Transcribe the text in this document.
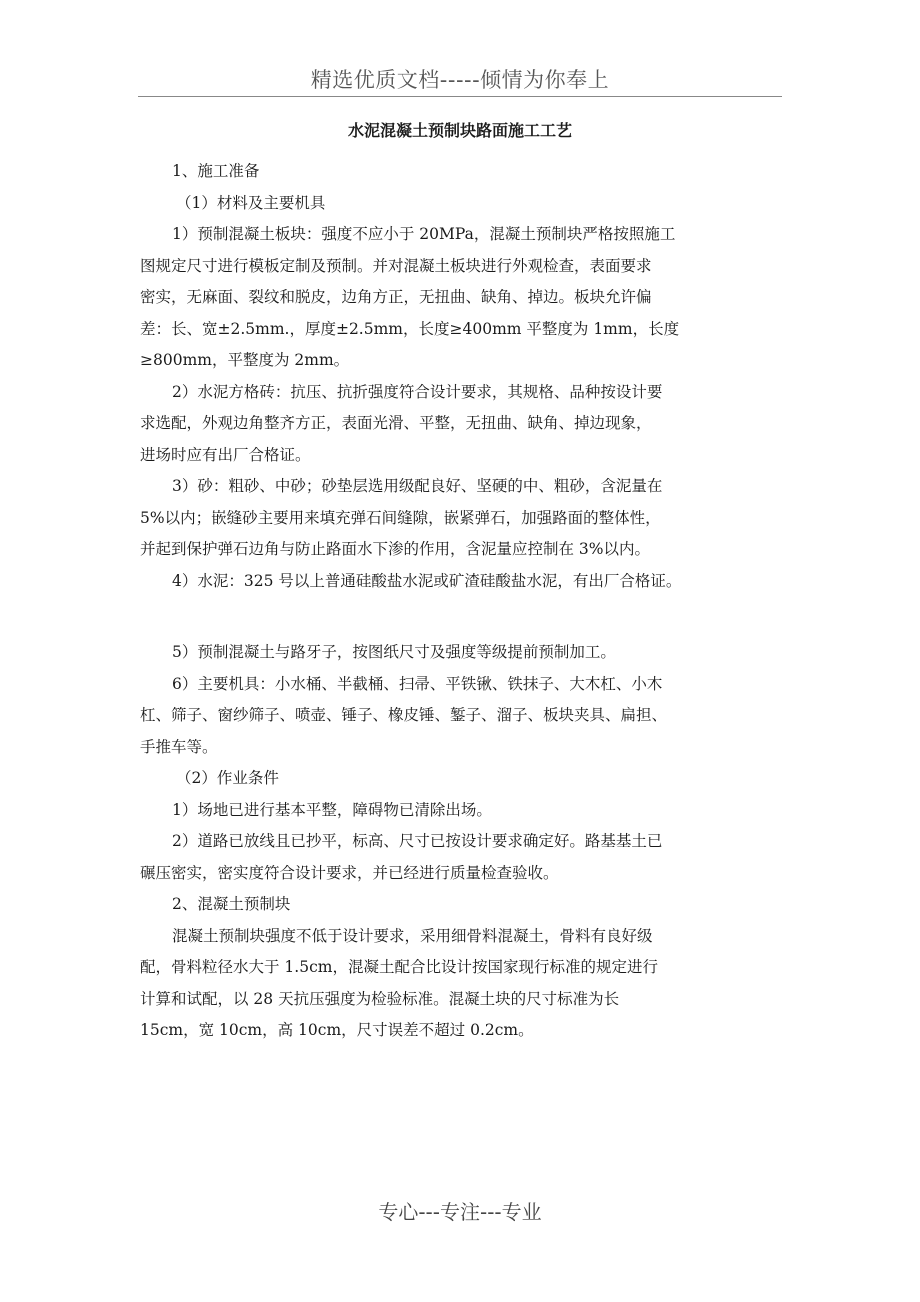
精选优质文档-----倾情为你奉上
水泥混凝土预制块路面施工工艺
1、施工准备
（1）材料及主要机具
1）预制混凝土板块：强度不应小于 20MPa，混凝土预制块严格按照施工
图规定尺寸进行模板定制及预制。并对混凝土板块进行外观检查，表面要求
密实，无麻面、裂纹和脱皮，边角方正，无扭曲、缺角、掉边。板块允许偏
差：长、宽±2.5mm.，厚度±2.5mm，长度≥400mm 平整度为 1mm，长度
≥800mm，平整度为 2mm。
2）水泥方格砖：抗压、抗折强度符合设计要求，其规格、品种按设计要
求选配，外观边角整齐方正，表面光滑、平整，无扭曲、缺角、掉边现象，
进场时应有出厂合格证。
3）砂：粗砂、中砂；砂垫层选用级配良好、坚硬的中、粗砂，含泥量在
5%以内；嵌缝砂主要用来填充弹石间缝隙，嵌紧弹石，加强路面的整体性，
并起到保护弹石边角与防止路面水下渗的作用，含泥量应控制在 3%以内。
4）水泥：325 号以上普通硅酸盐水泥或矿渣硅酸盐水泥，有出厂合格证。
5）预制混凝土与路牙子，按图纸尺寸及强度等级提前预制加工。
6）主要机具：小水桶、半截桶、扫帚、平铁锹、铁抹子、大木杠、小木
杠、筛子、窗纱筛子、喷壶、锤子、橡皮锤、錾子、溜子、板块夹具、扁担、
手推车等。
（2）作业条件
1）场地已进行基本平整，障碍物已清除出场。
2）道路已放线且已抄平，标高、尺寸已按设计要求确定好。路基基土已
碾压密实，密实度符合设计要求，并已经进行质量检查验收。
2、混凝土预制块
混凝土预制块强度不低于设计要求，采用细骨料混凝土，骨料有良好级
配，骨料粒径水大于 1.5cm，混凝土配合比设计按国家现行标准的规定进行
计算和试配，以 28 天抗压强度为检验标准。混凝土块的尺寸标准为长
15cm，宽 10cm，高 10cm，尺寸误差不超过 0.2cm。
专心---专注---专业
